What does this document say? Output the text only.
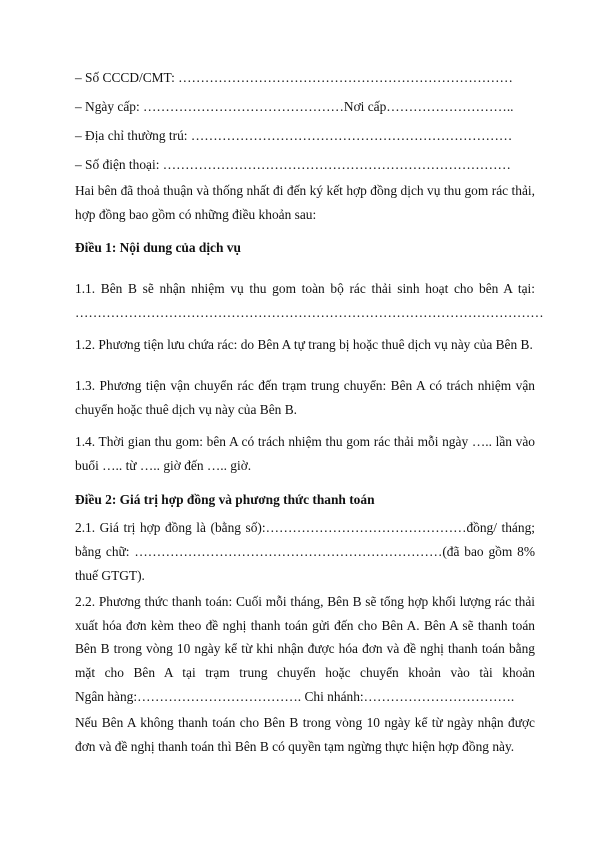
– Số CCCD/CMT: …………………………………………………………………
– Ngày cấp: ………………………………………Nơi cấp………………………..
– Địa chỉ thường trú: ………………………………………………………………
– Số điện thoại: ……………………………………………………………………
Hai bên đã thoả thuận và thống nhất đi đến ký kết hợp đồng dịch vụ thu gom rác thải,
hợp đồng bao gồm có những điều khoản sau:
Điều 1: Nội dung của dịch vụ
1.1. Bên B sẽ nhận nhiệm vụ thu gom toàn bộ rác thải sinh hoạt cho bên A tại:
……………………………………………………………………………………………
1.2. Phương tiện lưu chứa rác: do Bên A tự trang bị hoặc thuê dịch vụ này của Bên B.
1.3. Phương tiện vận chuyển rác đến trạm trung chuyển: Bên A có trách nhiệm vận
chuyển hoặc thuê dịch vụ này của Bên B.
1.4. Thời gian thu gom: bên A có trách nhiệm thu gom rác thải mỗi ngày ….. lần vào
buổi ….. từ ….. giờ đến ….. giờ.
Điều 2: Giá trị hợp đồng và phương thức thanh toán
2.1. Giá trị hợp đồng là (bằng số):………………………………………đồng/ tháng;
bằng chữ: ……………………………………………………………(đã bao gồm 8%
thuế GTGT).
2.2. Phương thức thanh toán: Cuối mỗi tháng, Bên B sẽ tổng hợp khối lượng rác thải
xuất hóa đơn kèm theo đề nghị thanh toán gửi đến cho Bên A. Bên A sẽ thanh toán
Bên B trong vòng 10 ngày kể từ khi nhận được hóa đơn và đề nghị thanh toán bằng
mặt cho Bên A tại trạm trung chuyển hoặc chuyển khoản vào tài khoản
Ngân hàng:………………………………. Chi nhánh:…………………………….
Nếu Bên A không thanh toán cho Bên B trong vòng 10 ngày kể từ ngày nhận được
đơn và đề nghị thanh toán thì Bên B có quyền tạm ngừng thực hiện hợp đồng này.
